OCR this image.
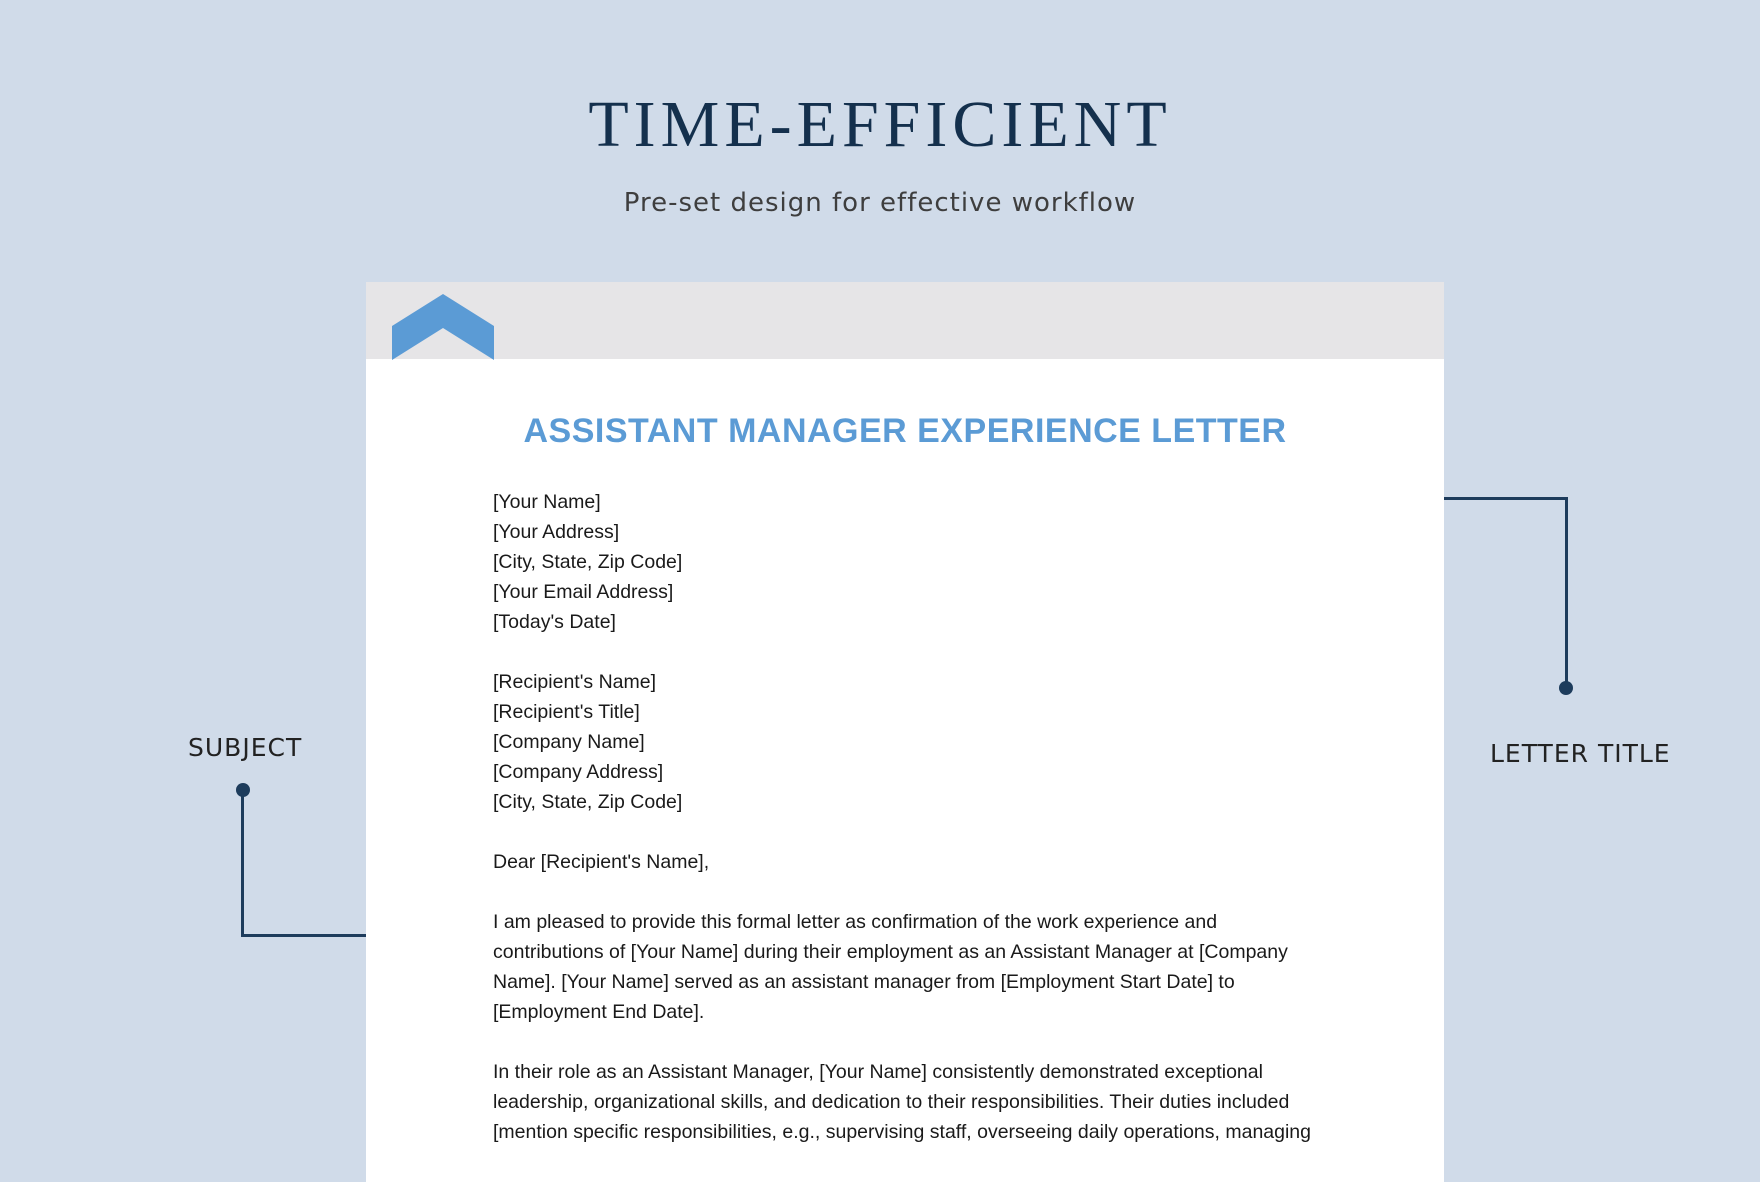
TIME-EFFICIENT
Pre-set design for effective workflow
SUBJECT	LETTER TITLE
ASSISTANT MANAGER EXPERIENCE LETTER
[Your Name]
[Your Address]
[City, State, Zip Code]
[Your Email Address]
[Today's Date]
[Recipient's Name]
[Recipient's Title]
[Company Name]
[Company Address]
[City, State, Zip Code]
Dear [Recipient's Name],
I am pleased to provide this formal letter as confirmation of the work experience and
contributions of [Your Name] during their employment as an Assistant Manager at [Company
Name]. [Your Name] served as an assistant manager from [Employment Start Date] to
[Employment End Date].
In their role as an Assistant Manager, [Your Name] consistently demonstrated exceptional
leadership, organizational skills, and dedication to their responsibilities. Their duties included
[mention specific responsibilities, e.g., supervising staff, overseeing daily operations, managing
